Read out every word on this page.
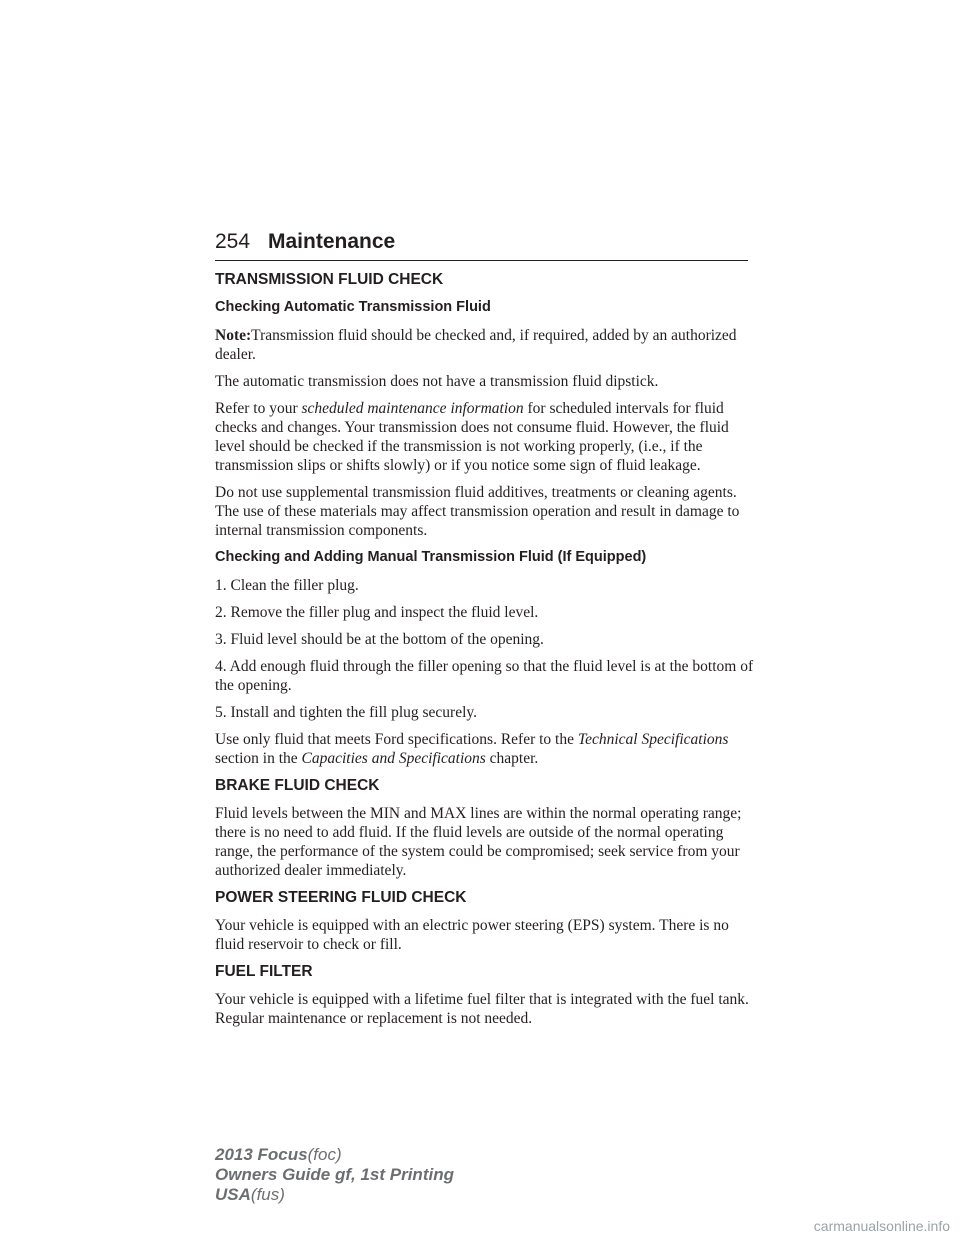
254 Maintenance
TRANSMISSION FLUID CHECK
Checking Automatic Transmission Fluid

Note:Transmission fluid should be checked and, if required, added by an authorized dealer.

The automatic transmission does not have a transmission fluid dipstick.

Refer to your scheduled maintenance information for scheduled intervals for fluid checks and changes. Your transmission does not consume fluid. However, the fluid level should be checked if the transmission is not working properly, (i.e., if the transmission slips or shifts slowly) or if you notice some sign of fluid leakage.

Do not use supplemental transmission fluid additives, treatments or cleaning agents. The use of these materials may affect transmission operation and result in damage to internal transmission components.

Checking and Adding Manual Transmission Fluid (If Equipped)

1. Clean the filler plug.

2. Remove the filler plug and inspect the fluid level.

3. Fluid level should be at the bottom of the opening.

4. Add enough fluid through the filler opening so that the fluid level is at the bottom of the opening.

5. Install and tighten the fill plug securely.

Use only fluid that meets Ford specifications. Refer to the Technical Specifications section in the Capacities and Specifications chapter.

BRAKE FLUID CHECK

Fluid levels between the MIN and MAX lines are within the normal operating range; there is no need to add fluid. If the fluid levels are outside of the normal operating range, the performance of the system could be compromised; seek service from your authorized dealer immediately.

POWER STEERING FLUID CHECK

Your vehicle is equipped with an electric power steering (EPS) system. There is no fluid reservoir to check or fill.

FUEL FILTER

Your vehicle is equipped with a lifetime fuel filter that is integrated with the fuel tank. Regular maintenance or replacement is not needed.

2013 Focus(foc)
Owners Guide gf, 1st Printing
USA(fus)
carmanualsonline.info
